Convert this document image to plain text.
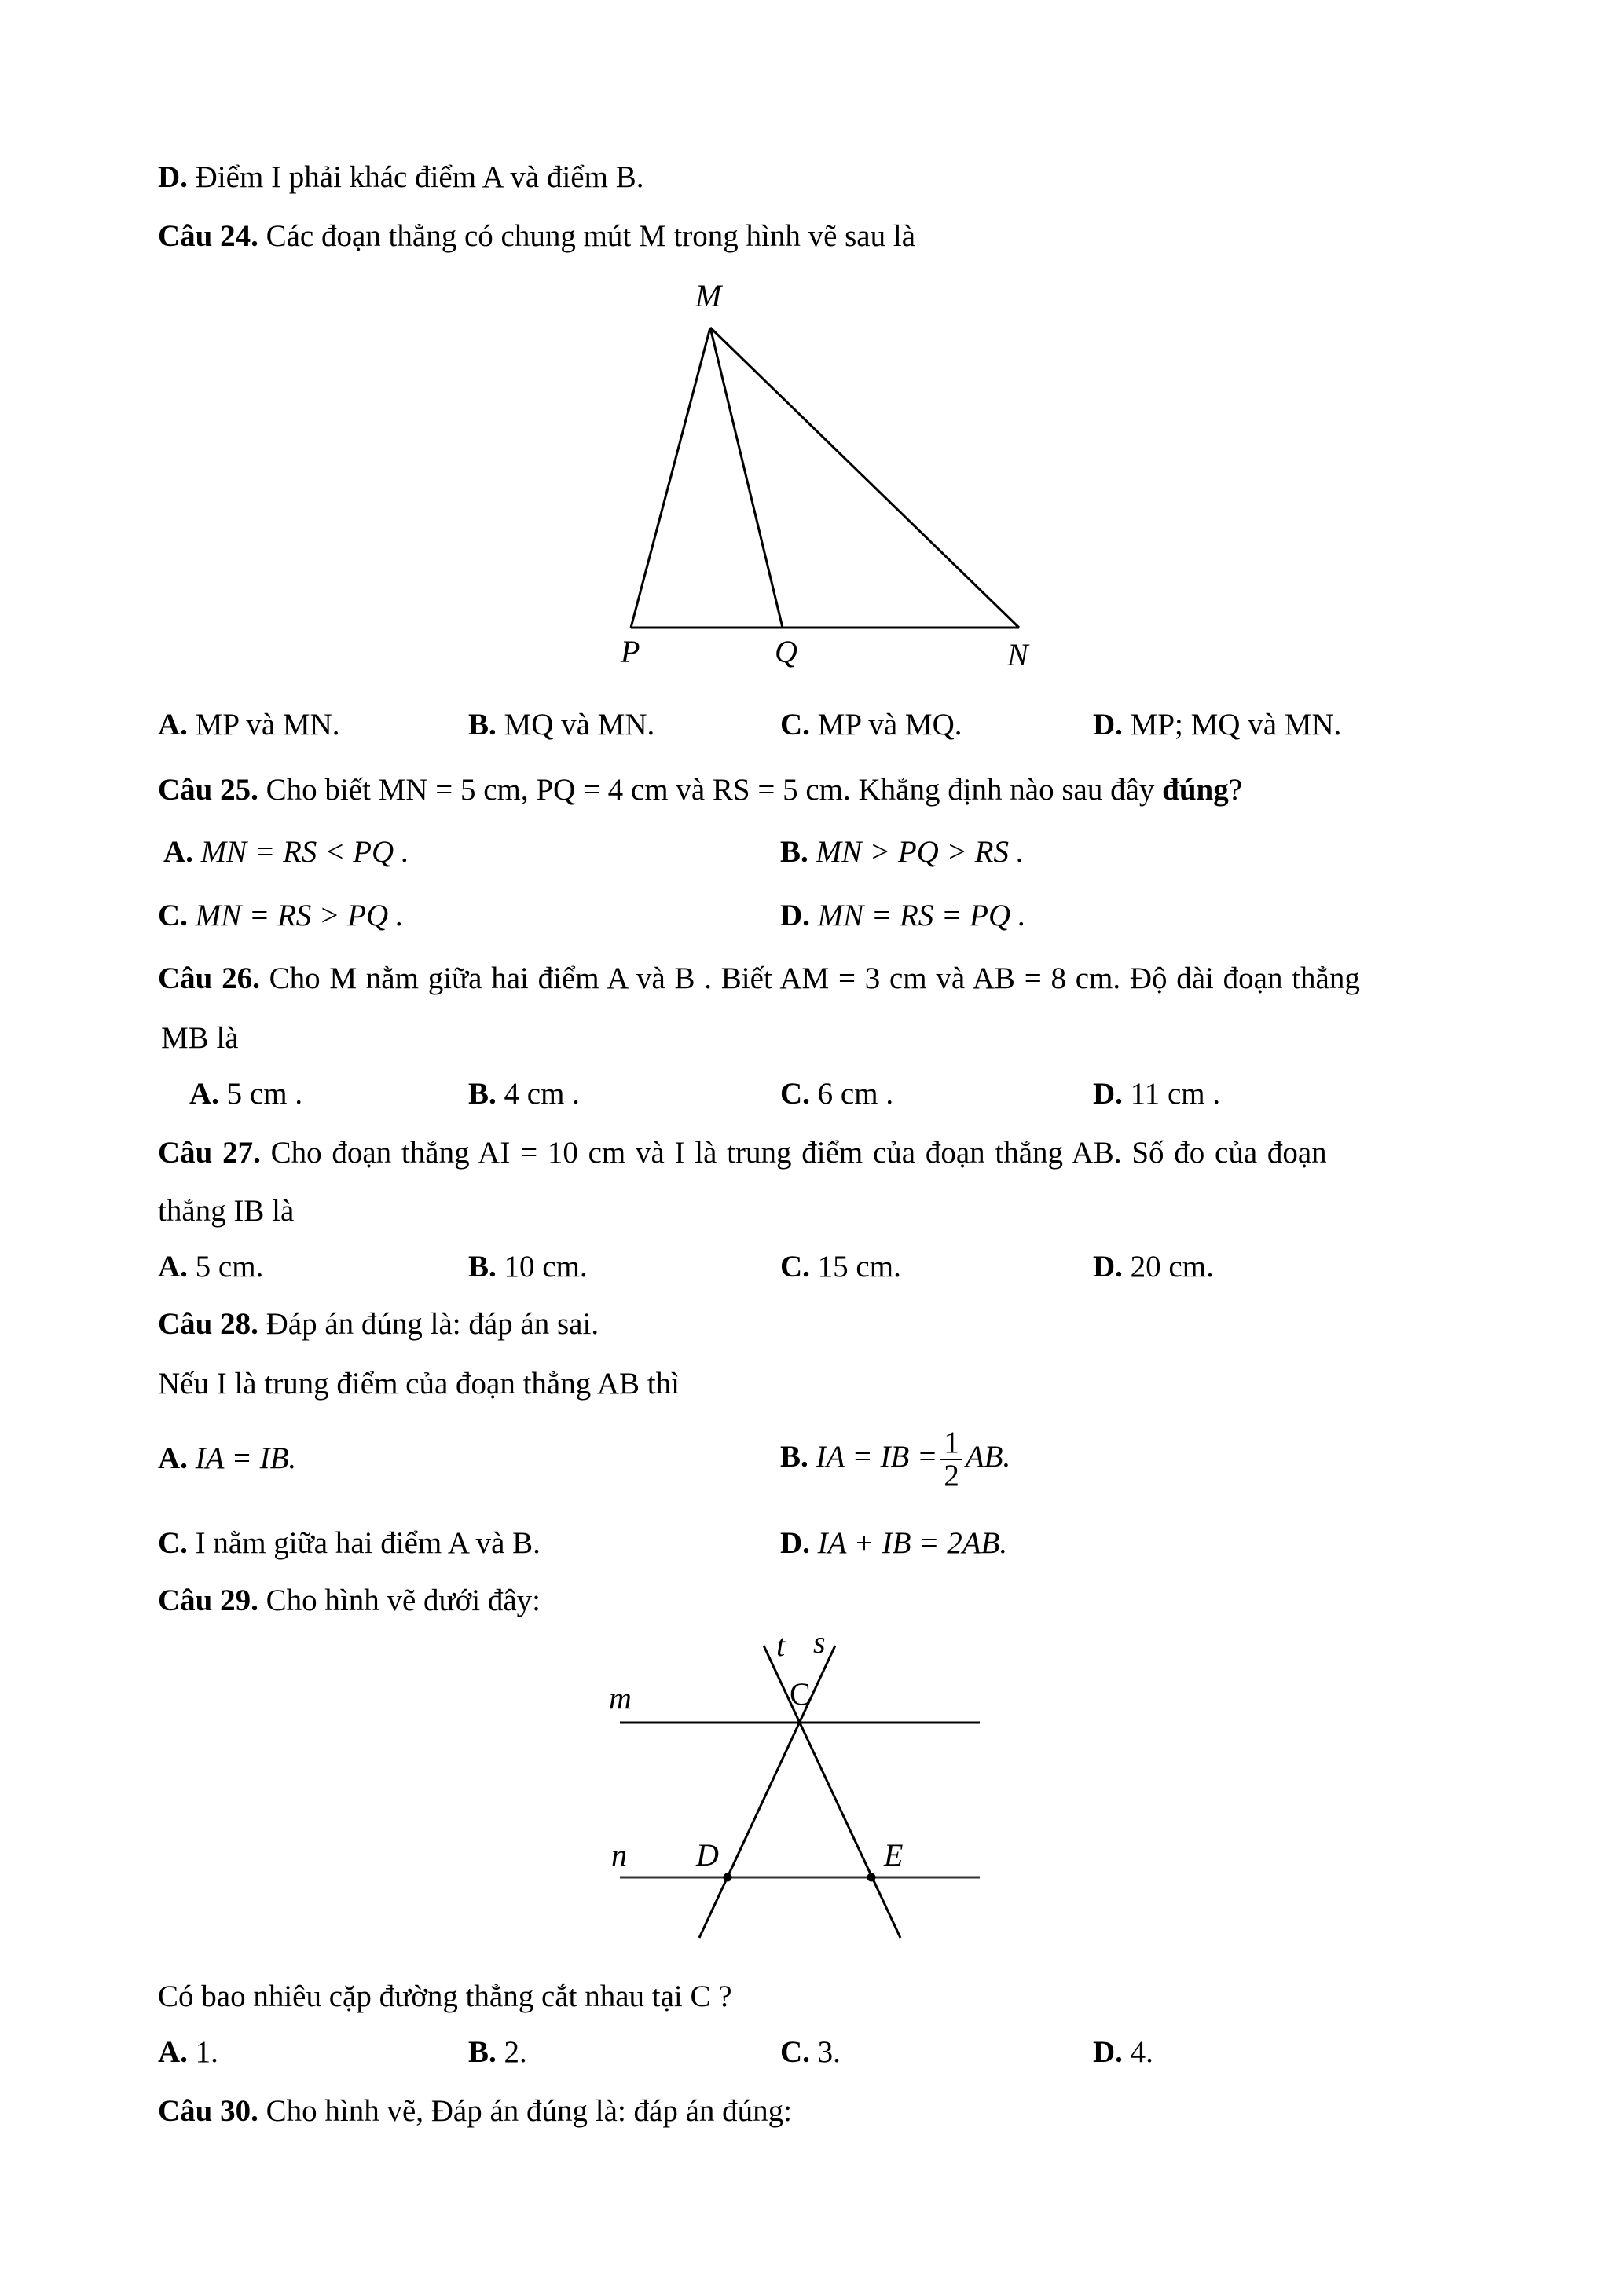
D. Điểm I phải khác điểm A và điểm B.
Câu 24. Các đoạn thẳng có chung mút M trong hình vẽ sau là
M
P	Q	N
t s
C
m
n D	E
A. MP và MN.	B. MQ và MN.	C. MP và MQ.	D. MP; MQ và MN.
Câu 25. Cho biết MN = 5 cm, PQ = 4 cm và RS = 5 cm. Khẳng định nào sau đây đúng?
A. MN = RS < PQ .	B. MN > PQ > RS .
C. MN = RS > PQ .	D. MN = RS = PQ .
Câu 26. Cho M nằm giữa hai điểm A và B . Biết AM = 3 cm và AB = 8 cm. Độ dài đoạn thẳng
MB là
A. 5 cm .	B. 4 cm .	C. 6 cm .	D. 11 cm .
Câu 27. Cho đoạn thẳng AI = 10 cm và I là trung điểm của đoạn thẳng AB. Số đo của đoạn
thẳng IB là
A. 5 cm.	B. 10 cm.	C. 15 cm.	D. 20 cm.
Câu 28. Đáp án đúng là: đáp án sai.
Nếu I là trung điểm của đoạn thẳng AB thì
A. IA = IB.	B. IA = IB = $\frac{1}{2}$ AB.
C. I nằm giữa hai điểm A và B.	D. IA + IB = 2AB.
Câu 29. Cho hình vẽ dưới đây:
Có bao nhiêu cặp đường thẳng cắt nhau tại C ?
A. 1.	B. 2.	C. 3.	D. 4.
Câu 30. Cho hình vẽ, Đáp án đúng là: đáp án đúng:
